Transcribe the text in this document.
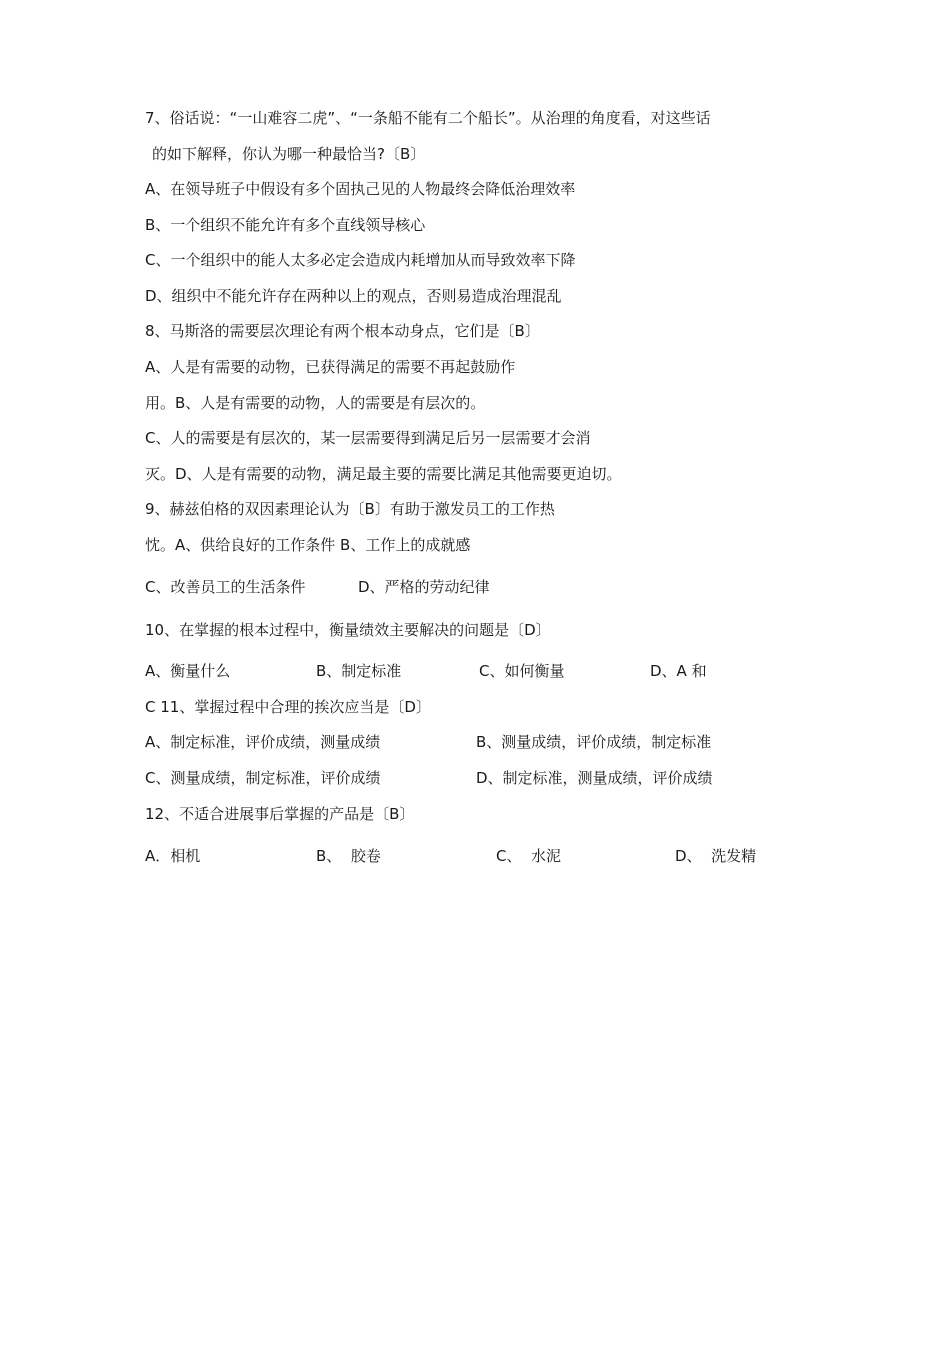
7、俗话说：“一山难容二虎”、“一条船不能有二个船长”。从治理的角度看，对这些话
的如下解释，你认为哪一种最恰当?〔B〕
A、在领导班子中假设有多个固执己见的人物最终会降低治理效率
B、一个组织不能允许有多个直线领导核心
C、一个组织中的能人太多必定会造成内耗增加从而导致效率下降
D、组织中不能允许存在两种以上的观点，否则易造成治理混乱
8、马斯洛的需要层次理论有两个根本动身点，它们是〔B〕
A、人是有需要的动物，已获得满足的需要不再起鼓励作
用。B、人是有需要的动物，人的需要是有层次的。
C、人的需要是有层次的，某一层需要得到满足后另一层需要才会消
灭。D、人是有需要的动物，满足最主要的需要比满足其他需要更迫切。
9、赫兹伯格的双因素理论认为〔B〕有助于激发员工的工作热
忱。A、供给良好的工作条件 B、工作上的成就感
C、改善员工的生活条件	D、严格的劳动纪律
10、在掌握的根本过程中，衡量绩效主要解决的问题是〔D〕
A、衡量什么	B、制定标准	C、如何衡量	D、A 和
C 11、掌握过程中合理的挨次应当是〔D〕
A、制定标准，评价成绩，测量成绩	B、测量成绩，评价成绩，制定标准
C、测量成绩，制定标准，评价成绩	D、制定标准，测量成绩，评价成绩
12、不适合进展事后掌握的产品是〔B〕
A．相机	B、  胶卷	C、  水泥	D、  洗发精
